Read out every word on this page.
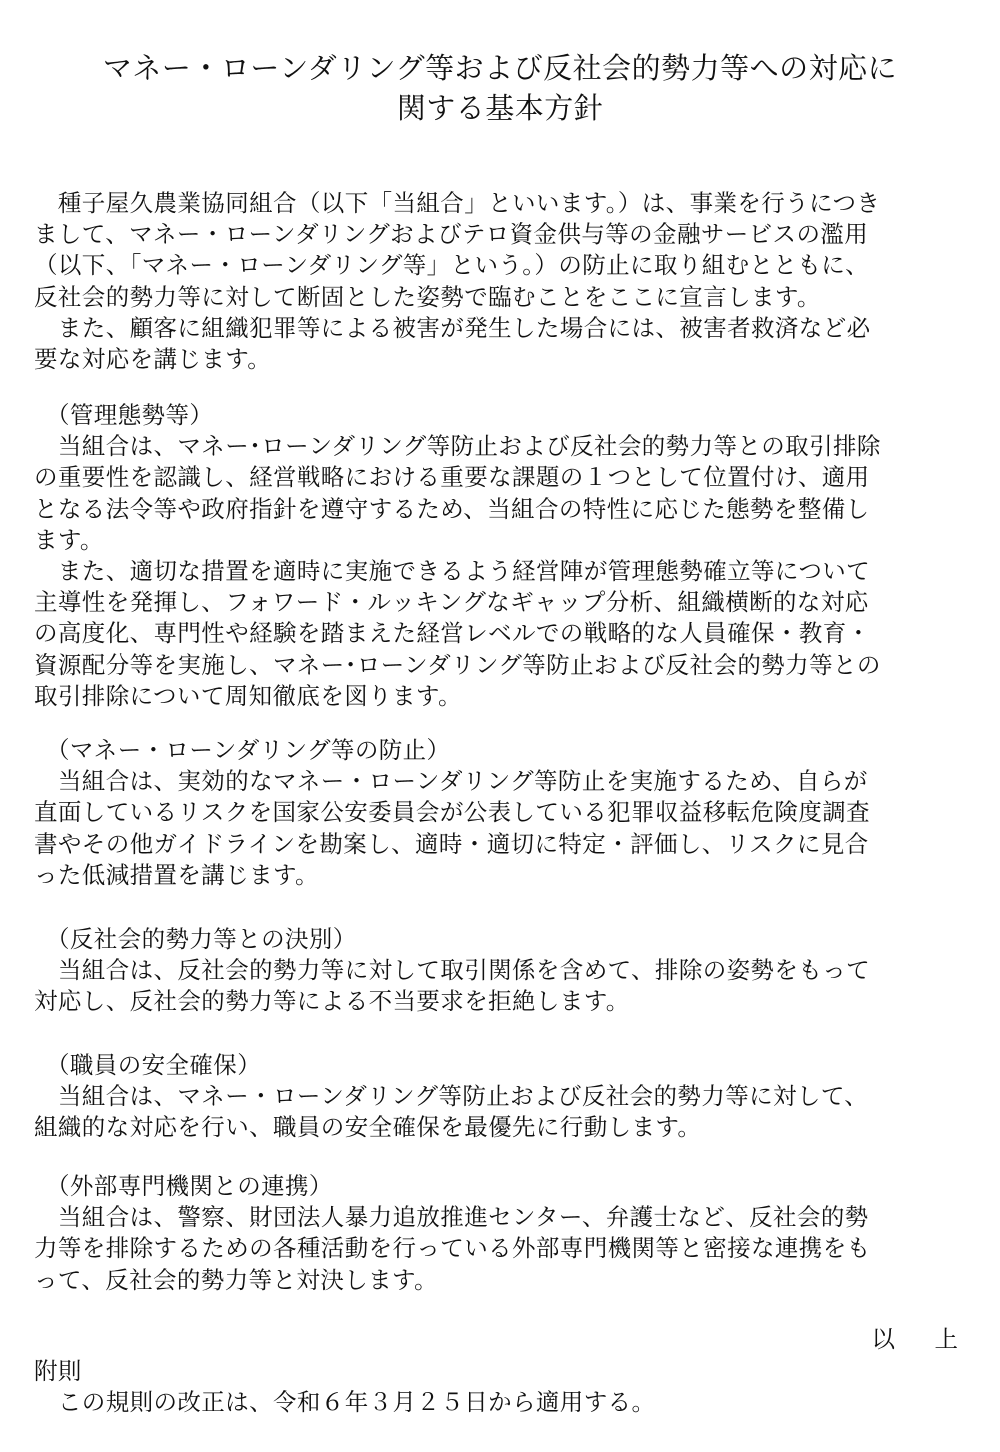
マネー・ローンダリング等および反社会的勢力等への対応に
関する基本方針
　種子屋久農業協同組合（以下「当組合」といいます。）は、事業を行うにつき
まして、マネー・ローンダリングおよびテロ資金供与等の金融サービスの濫用
（以下、「マネー・ローンダリング等」という。）の防止に取り組むとともに、
反社会的勢力等に対して断固とした姿勢で臨むことをここに宣言します。
　また、顧客に組織犯罪等による被害が発生した場合には、被害者救済など必
要な対応を講じます。
（管理態勢等）
　当組合は、マネー･ローンダリング等防止および反社会的勢力等との取引排除
の重要性を認識し、経営戦略における重要な課題の１つとして位置付け、適用
となる法令等や政府指針を遵守するため、当組合の特性に応じた態勢を整備し
ます。
　また、適切な措置を適時に実施できるよう経営陣が管理態勢確立等について
主導性を発揮し、フォワード・ルッキングなギャップ分析、組織横断的な対応
の高度化、専門性や経験を踏まえた経営レベルでの戦略的な人員確保・教育・
資源配分等を実施し、マネー･ローンダリング等防止および反社会的勢力等との
取引排除について周知徹底を図ります。
（マネー・ローンダリング等の防止）
　当組合は、実効的なマネー・ローンダリング等防止を実施するため、自らが
直面しているリスクを国家公安委員会が公表している犯罪収益移転危険度調査
書やその他ガイドラインを勘案し、適時・適切に特定・評価し、リスクに見合
った低減措置を講じます。
（反社会的勢力等との決別）
　当組合は、反社会的勢力等に対して取引関係を含めて、排除の姿勢をもって
対応し、反社会的勢力等による不当要求を拒絶します。
（職員の安全確保）
　当組合は、マネー・ローンダリング等防止および反社会的勢力等に対して、
組織的な対応を行い、職員の安全確保を最優先に行動します。
（外部専門機関との連携）
　当組合は、警察、財団法人暴力追放推進センター、弁護士など、反社会的勢
力等を排除するための各種活動を行っている外部専門機関等と密接な連携をも
って、反社会的勢力等と対決します。
以　上
附則
　この規則の改正は、令和６年３月２５日から適用する。
